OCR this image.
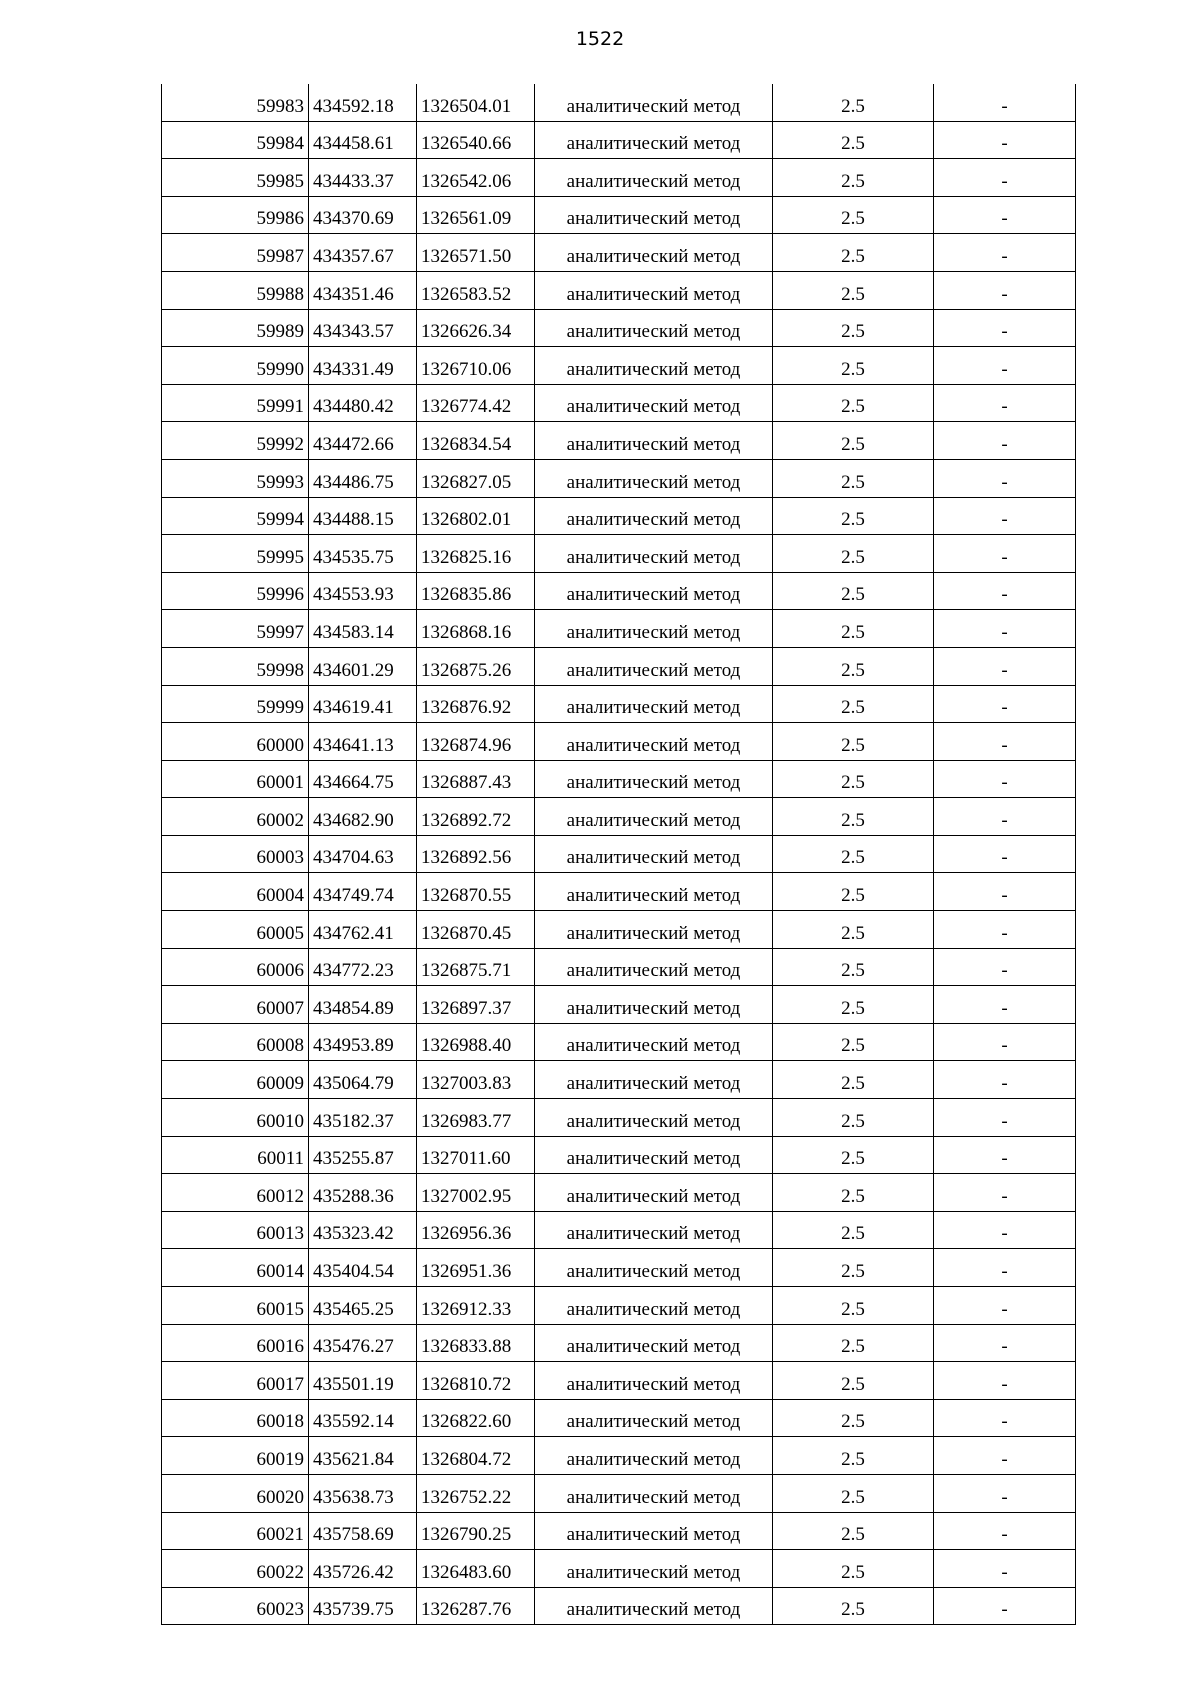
1522
59983	434592.18	1326504.01	аналитический метод	2.5	-
59984	434458.61	1326540.66	аналитический метод	2.5	-
59985	434433.37	1326542.06	аналитический метод	2.5	-
59986	434370.69	1326561.09	аналитический метод	2.5	-
59987	434357.67	1326571.50	аналитический метод	2.5	-
59988	434351.46	1326583.52	аналитический метод	2.5	-
59989	434343.57	1326626.34	аналитический метод	2.5	-
59990	434331.49	1326710.06	аналитический метод	2.5	-
59991	434480.42	1326774.42	аналитический метод	2.5	-
59992	434472.66	1326834.54	аналитический метод	2.5	-
59993	434486.75	1326827.05	аналитический метод	2.5	-
59994	434488.15	1326802.01	аналитический метод	2.5	-
59995	434535.75	1326825.16	аналитический метод	2.5	-
59996	434553.93	1326835.86	аналитический метод	2.5	-
59997	434583.14	1326868.16	аналитический метод	2.5	-
59998	434601.29	1326875.26	аналитический метод	2.5	-
59999	434619.41	1326876.92	аналитический метод	2.5	-
60000	434641.13	1326874.96	аналитический метод	2.5	-
60001	434664.75	1326887.43	аналитический метод	2.5	-
60002	434682.90	1326892.72	аналитический метод	2.5	-
60003	434704.63	1326892.56	аналитический метод	2.5	-
60004	434749.74	1326870.55	аналитический метод	2.5	-
60005	434762.41	1326870.45	аналитический метод	2.5	-
60006	434772.23	1326875.71	аналитический метод	2.5	-
60007	434854.89	1326897.37	аналитический метод	2.5	-
60008	434953.89	1326988.40	аналитический метод	2.5	-
60009	435064.79	1327003.83	аналитический метод	2.5	-
60010	435182.37	1326983.77	аналитический метод	2.5	-
60011	435255.87	1327011.60	аналитический метод	2.5	-
60012	435288.36	1327002.95	аналитический метод	2.5	-
60013	435323.42	1326956.36	аналитический метод	2.5	-
60014	435404.54	1326951.36	аналитический метод	2.5	-
60015	435465.25	1326912.33	аналитический метод	2.5	-
60016	435476.27	1326833.88	аналитический метод	2.5	-
60017	435501.19	1326810.72	аналитический метод	2.5	-
60018	435592.14	1326822.60	аналитический метод	2.5	-
60019	435621.84	1326804.72	аналитический метод	2.5	-
60020	435638.73	1326752.22	аналитический метод	2.5	-
60021	435758.69	1326790.25	аналитический метод	2.5	-
60022	435726.42	1326483.60	аналитический метод	2.5	-
60023	435739.75	1326287.76	аналитический метод	2.5	-
